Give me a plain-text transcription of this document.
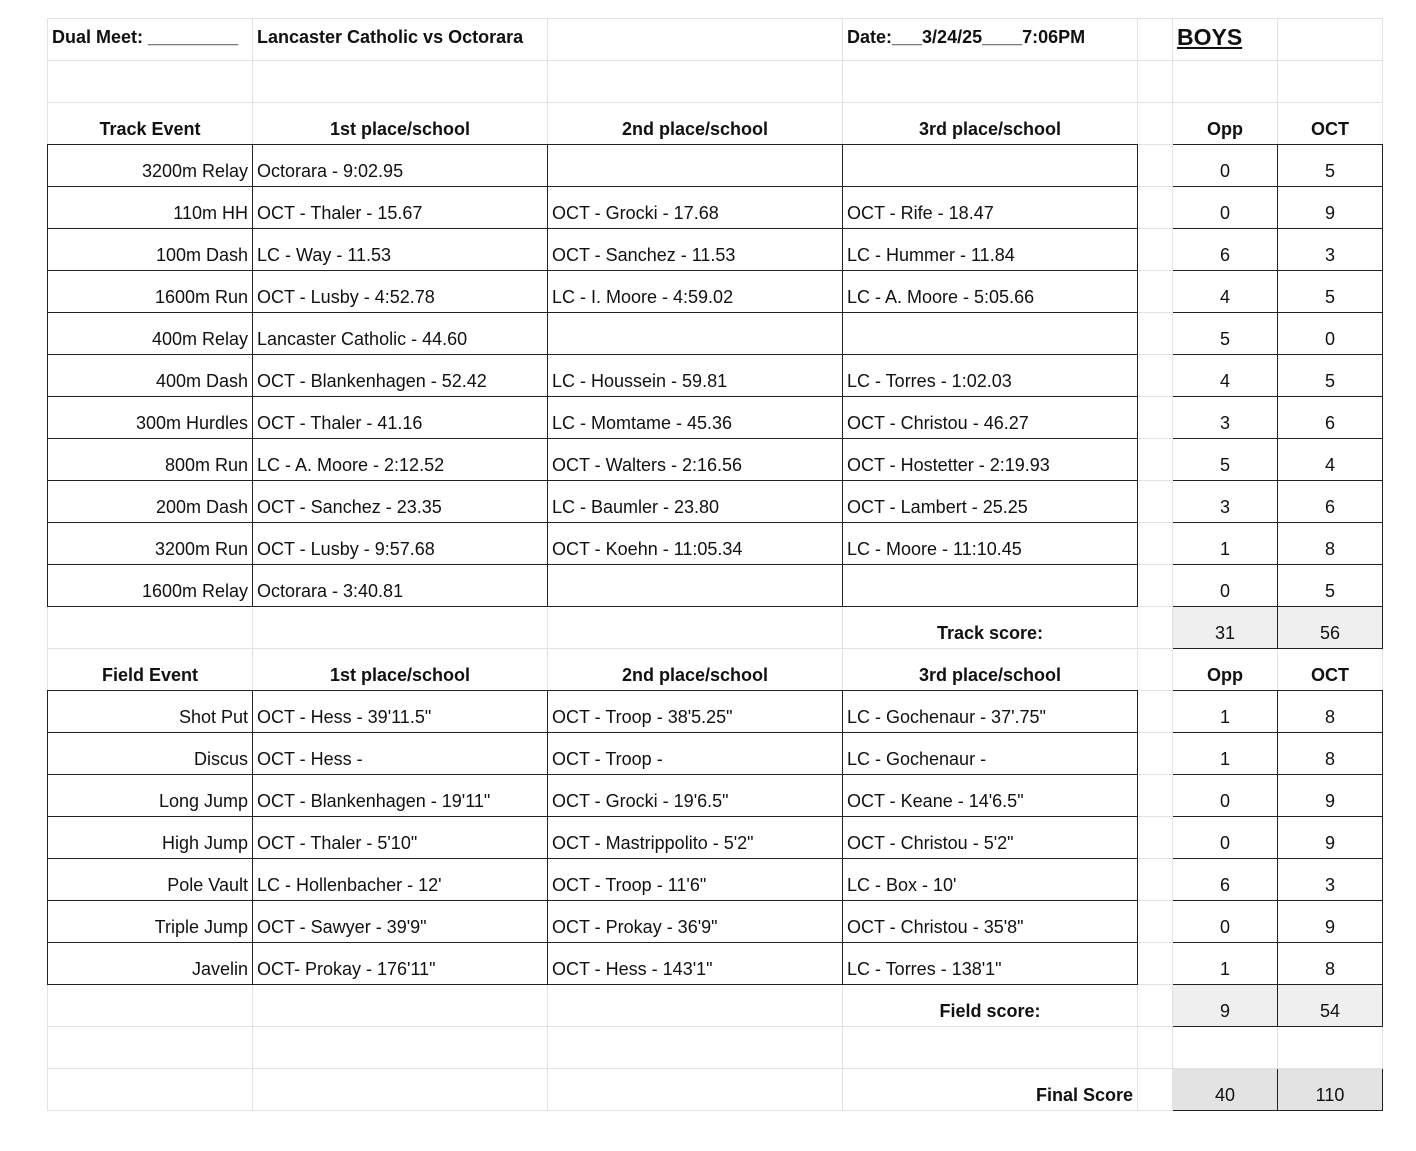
Dual Meet: _________	Lancaster Catholic vs Octorara		Date:___3/24/25____7:06PM		BOYS	

Track Event	1st place/school	2nd place/school	3rd place/school		Opp	OCT
3200m Relay	Octorara - 9:02.95				0	5
110m HH	OCT - Thaler - 15.67	OCT - Grocki - 17.68	OCT - Rife - 18.47		0	9
100m Dash	LC - Way - 11.53	OCT - Sanchez - 11.53	LC - Hummer - 11.84		6	3
1600m Run	OCT - Lusby - 4:52.78	LC - I. Moore - 4:59.02	LC - A. Moore - 5:05.66		4	5
400m Relay	Lancaster Catholic - 44.60				5	0
400m Dash	OCT - Blankenhagen - 52.42	LC - Houssein - 59.81	LC - Torres - 1:02.03		4	5
300m Hurdles	OCT - Thaler - 41.16	LC - Momtame - 45.36	OCT - Christou - 46.27		3	6
800m Run	LC - A. Moore - 2:12.52	OCT - Walters - 2:16.56	OCT - Hostetter - 2:19.93		5	4
200m Dash	OCT - Sanchez - 23.35	LC - Baumler - 23.80	OCT - Lambert - 25.25		3	6
3200m Run	OCT - Lusby - 9:57.68	OCT - Koehn - 11:05.34	LC - Moore - 11:10.45		1	8
1600m Relay	Octorara - 3:40.81				0	5
			Track score:		31	56
Field Event	1st place/school	2nd place/school	3rd place/school		Opp	OCT
Shot Put	OCT - Hess - 39'11.5"	OCT - Troop - 38'5.25"	LC - Gochenaur - 37'.75"		1	8
Discus	OCT - Hess -	OCT - Troop -	LC - Gochenaur -		1	8
Long Jump	OCT - Blankenhagen - 19'11"	OCT - Grocki - 19'6.5"	OCT - Keane - 14'6.5"		0	9
High Jump	OCT - Thaler - 5'10"	OCT - Mastrippolito - 5'2"	OCT - Christou - 5'2"		0	9
Pole Vault	LC - Hollenbacher - 12'	OCT - Troop - 11'6"	LC - Box - 10'		6	3
Triple Jump	OCT - Sawyer - 39'9"	OCT - Prokay - 36'9"	OCT - Christou - 35'8"		0	9
Javelin	OCT- Prokay - 176'11"	OCT - Hess - 143'1"	LC - Torres - 138'1"		1	8
			Field score:		9	54

			Final Score		40	110
